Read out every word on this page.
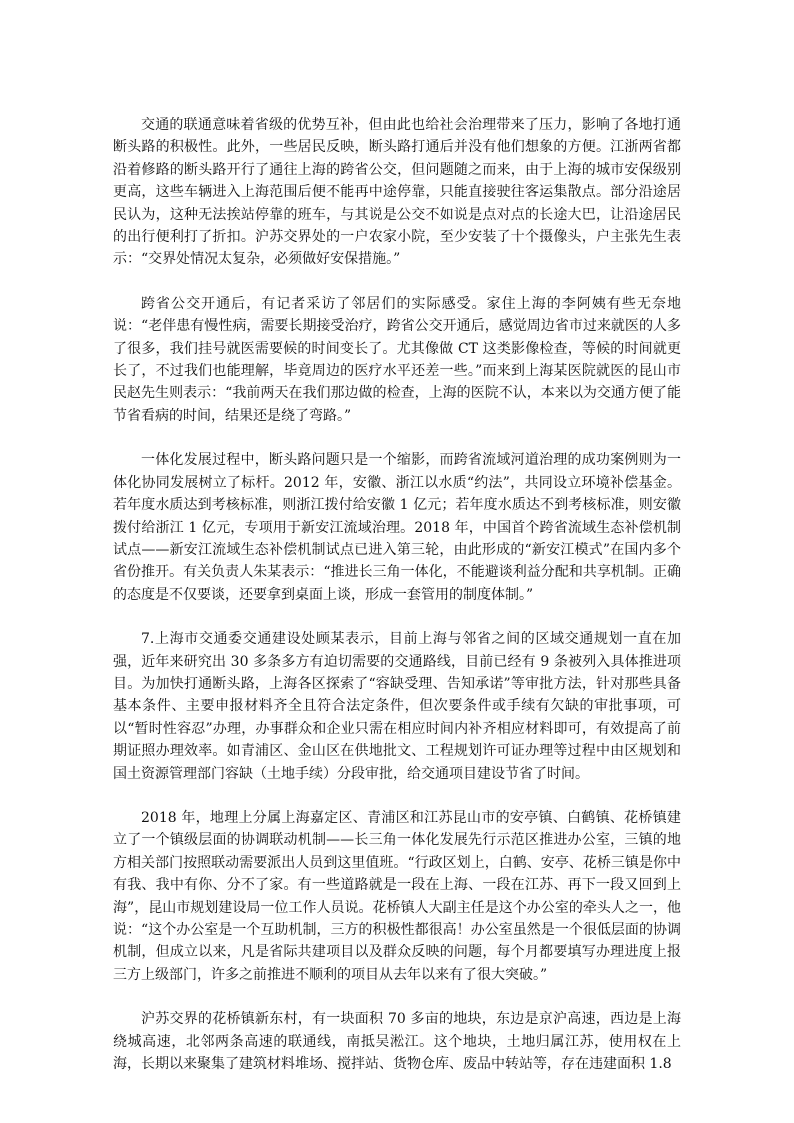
交通的联通意味着省级的优势互补，但由此也给社会治理带来了压力，影响了各地打通断头路的积极性。此外，一些居民反映，断头路打通后并没有他们想象的方便。江浙两省都沿着修路的断头路开行了通往上海的跨省公交，但问题随之而来，由于上海的城市安保级别更高，这些车辆进入上海范围后便不能再中途停靠，只能直接驶往客运集散点。部分沿途居民认为，这种无法挨站停靠的班车，与其说是公交不如说是点对点的长途大巴，让沿途居民的出行便利打了折扣。沪苏交界处的一户农家小院，至少安装了十个摄像头，户主张先生表示：“交界处情况太复杂，必须做好安保措施。”

跨省公交开通后，有记者采访了邻居们的实际感受。家住上海的李阿姨有些无奈地说：“老伴患有慢性病，需要长期接受治疗，跨省公交开通后，感觉周边省市过来就医的人多了很多，我们挂号就医需要候的时间变长了。尤其像做 CT 这类影像检查，等候的时间就更长了，不过我们也能理解，毕竟周边的医疗水平还差一些。”而来到上海某医院就医的昆山市民赵先生则表示：“我前两天在我们那边做的检查，上海的医院不认，本来以为交通方便了能节省看病的时间，结果还是绕了弯路。”

一体化发展过程中，断头路问题只是一个缩影，而跨省流域河道治理的成功案例则为一体化协同发展树立了标杆。2012 年，安徽、浙江以水质“约法”，共同设立环境补偿基金。若年度水质达到考核标准，则浙江拨付给安徽 1 亿元；若年度水质达不到考核标准，则安徽拨付给浙江 1 亿元，专项用于新安江流域治理。2018 年，中国首个跨省流域生态补偿机制试点——新安江流域生态补偿机制试点已进入第三轮，由此形成的“新安江模式”在国内多个省份推开。有关负责人朱某表示：“推进长三角一体化，不能避谈利益分配和共享机制。正确的态度是不仅要谈，还要拿到桌面上谈，形成一套管用的制度体制。”

7.上海市交通委交通建设处顾某表示，目前上海与邻省之间的区域交通规划一直在加强，近年来研究出 30 多条多方有迫切需要的交通路线，目前已经有 9 条被列入具体推进项目。为加快打通断头路，上海各区探索了“容缺受理、告知承诺”等审批方法，针对那些具备基本条件、主要申报材料齐全且符合法定条件，但次要条件或手续有欠缺的审批事项，可以“暂时性容忍”办理，办事群众和企业只需在相应时间内补齐相应材料即可，有效提高了前期证照办理效率。如青浦区、金山区在供地批文、工程规划许可证办理等过程中由区规划和国土资源管理部门容缺（土地手续）分段审批，给交通项目建设节省了时间。

2018 年，地理上分属上海嘉定区、青浦区和江苏昆山市的安亭镇、白鹤镇、花桥镇建立了一个镇级层面的协调联动机制——长三角一体化发展先行示范区推进办公室，三镇的地方相关部门按照联动需要派出人员到这里值班。“行政区划上，白鹤、安亭、花桥三镇是你中有我、我中有你、分不了家。有一些道路就是一段在上海、一段在江苏、再下一段又回到上海”，昆山市规划建设局一位工作人员说。花桥镇人大副主任是这个办公室的牵头人之一，他说：“这个办公室是一个互助机制，三方的积极性都很高！办公室虽然是一个很低层面的协调机制，但成立以来，凡是省际共建项目以及群众反映的问题，每个月都要填写办理进度上报三方上级部门，许多之前推进不顺利的项目从去年以来有了很大突破。”

沪苏交界的花桥镇新东村，有一块面积 70 多亩的地块，东边是京沪高速，西边是上海绕城高速，北邻两条高速的联通线，南抵吴淞江。这个地块，土地归属江苏，使用权在上海，长期以来聚集了建筑材料堆场、搅拌站、货物仓库、废品中转站等，存在违建面积 1.8
